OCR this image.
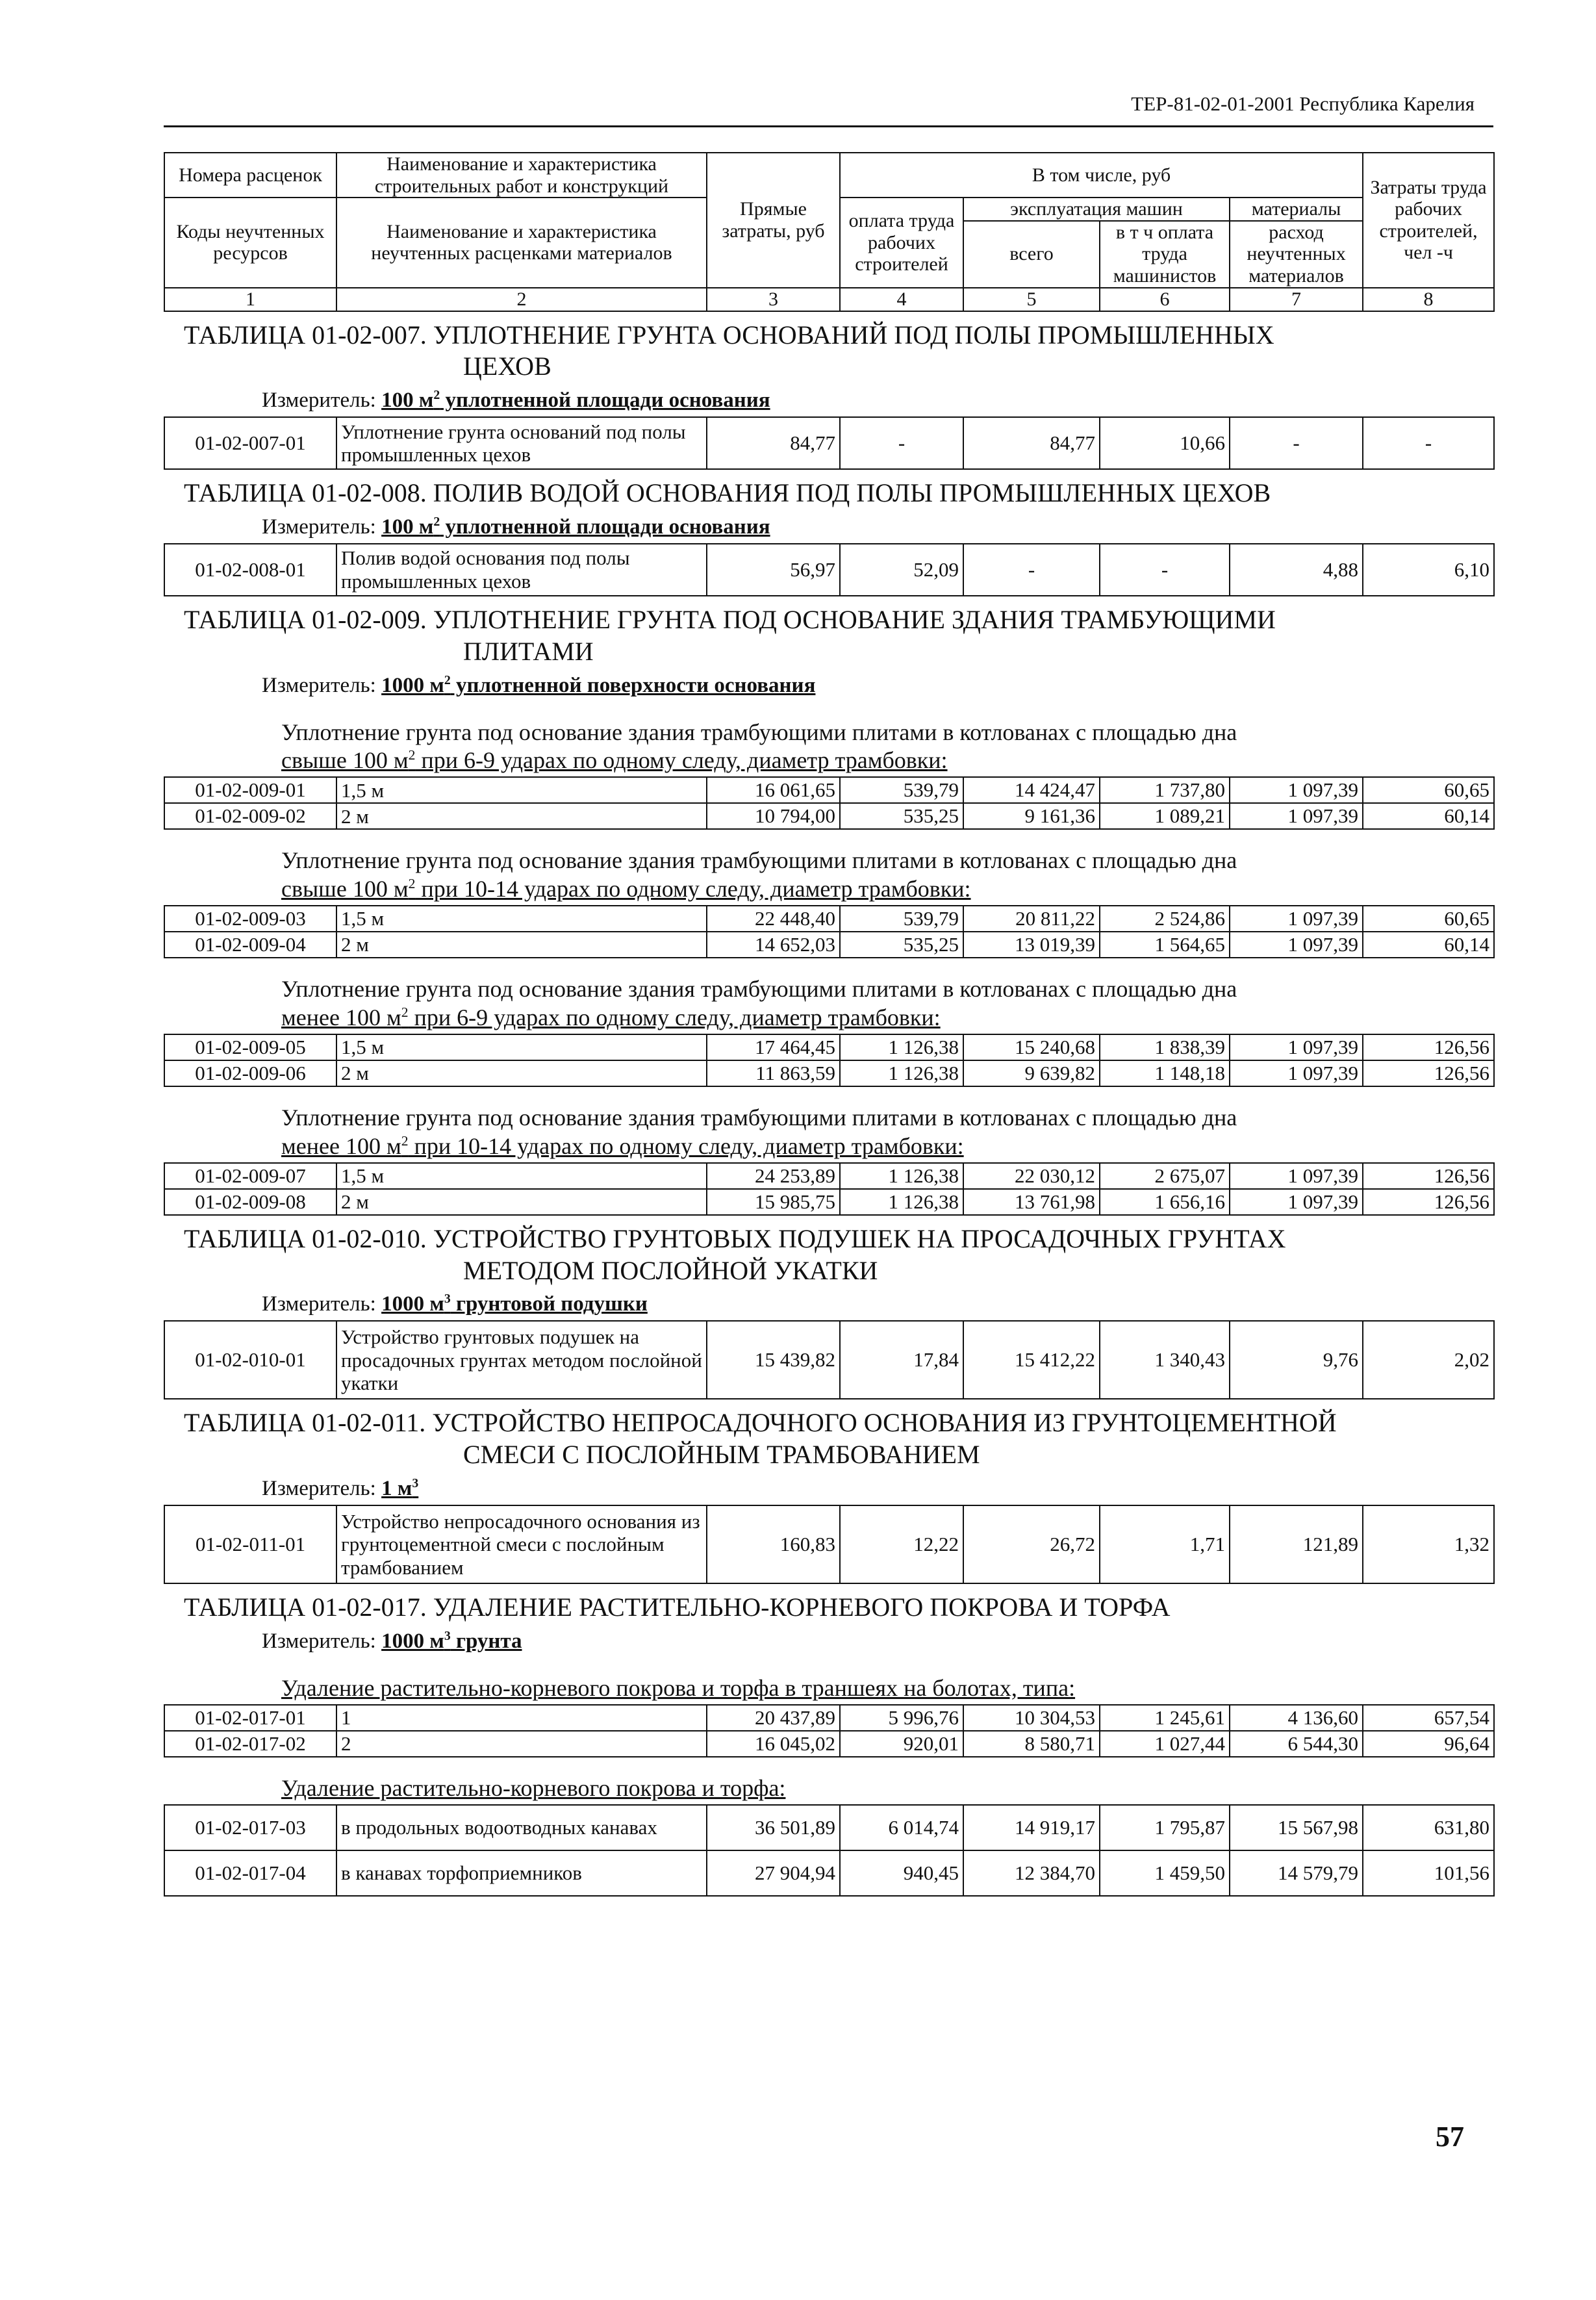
ТЕР-81-02-01-2001 Республика Карелия
Номера расценок	Наименование и характеристика строительных работ и конструкций	Прямые затраты, руб	В том числе, руб				Затраты труда рабочих строителей, чел -ч
Коды неучтенных ресурсов	Наименование и характеристика неучтенных расценками материалов		оплата труда рабочих строителей	эксплуатация машин		материалы	
				всего	в т ч оплата труда машинистов	расход неучтенных материалов	
1	2	3	4	5	6	7	8
ТАБЛИЦА 01-02-007. УПЛОТНЕНИЕ ГРУНТА ОСНОВАНИЙ ПОД ПОЛЫ ПРОМЫШЛЕННЫХ
ЦЕХОВ							

Измеритель: 100 $м^2$ уплотненной площади основания							
01-02-007-01	Уплотнение грунта оснований под полы промышленных цехов	84,77	-	84,77	10,66	-	-
ТАБЛИЦА 01-02-008. ПОЛИВ ВОДОЙ ОСНОВАНИЯ ПОД ПОЛЫ ПРОМЫШЛЕННЫХ ЦЕХОВ							
Измеритель: 100 $м^2$ уплотненной площади основания							
01-02-008-01	Полив водой основания под полы промышленных цехов	56,97	52,09	-	-	4,88	6,10
ТАБЛИЦА 01-02-009. УПЛОТНЕНИЕ ГРУНТА ПОД ОСНОВАНИЕ ЗДАНИЯ ТРАМБУЮЩИМИ
ПЛИТАМИ							

Измеритель: 1000 $м^2$ уплотненной поверхности основания							
Уплотнение грунта под основание здания трамбующими плитами в котлованах с площадью дна
свыше 100 $м^2$ при 6-9 ударах по одному следу, диаметр трамбовки:							
01-02-009-01	1,5 м	16 061,65	539,79	14 424,47	1 737,80	1 097,39	60,65
01-02-009-02	2 м	10 794,00	535,25	9 161,36	1 089,21	1 097,39	60,14
Уплотнение грунта под основание здания трамбующими плитами в котлованах с площадью дна
свыше 100 $м^2$ при 10-14 ударах по одному следу, диаметр трамбовки:							
01-02-009-03	1,5 м	22 448,40	539,79	20 811,22	2 524,86	1 097,39	60,65
01-02-009-04	2 м	14 652,03	535,25	13 019,39	1 564,65	1 097,39	60,14
Уплотнение грунта под основание здания трамбующими плитами в котлованах с площадью дна
менее 100 $м^2$ при 6-9 ударах по одному следу, диаметр трамбовки:							
01-02-009-05	1,5 м	17 464,45	1 126,38	15 240,68	1 838,39	1 097,39	126,56
01-02-009-06	2 м	11 863,59	1 126,38	9 639,82	1 148,18	1 097,39	126,56
Уплотнение грунта под основание здания трамбующими плитами в котлованах с площадью дна
менее 100 $м^2$ при 10-14 ударах по одному следу, диаметр трамбовки:							
01-02-009-07	1,5 м	24 253,89	1 126,38	22 030,12	2 675,07	1 097,39	126,56
01-02-009-08	2 м	15 985,75	1 126,38	13 761,98	1 656,16	1 097,39	126,56
ТАБЛИЦА 01-02-010. УСТРОЙСТВО ГРУНТОВЫХ ПОДУШЕК НА ПРОСАДОЧНЫХ ГРУНТАХ
МЕТОДОМ ПОСЛОЙНОЙ УКАТКИ							

Измеритель: 1000 $м^3$ грунтовой подушки							
01-02-010-01	Устройство грунтовых подушек на просадочных грунтах методом послойной укатки	15 439,82	17,84	15 412,22	1 340,43	9,76	2,02
ТАБЛИЦА 01-02-011. УСТРОЙСТВО НЕПРОСАДОЧНОГО ОСНОВАНИЯ ИЗ ГРУНТОЦЕМЕНТНОЙ
СМЕСИ С ПОСЛОЙНЫМ ТРАМБОВАНИЕМ							

Измеритель: 1 $м^3$
01-02-011-01	Устройство непросадочного основания из грунтоцементной смеси с послойным трамбованием	160,83	12,22	26,72	1,71	121,89	1,32
ТАБЛИЦА 01-02-017. УДАЛЕНИЕ РАСТИТЕЛЬНО-КОРНЕВОГО ПОКРОВА И ТОРФА							
Измеритель: 1000 $м^3$ грунта							
Удаление растительно-корневого покрова и торфа в траншеях на болотах, типа:							
01-02-017-01	1	20 437,89	5 996,76	10 304,53	1 245,61	4 136,60	657,54
01-02-017-02	2	16 045,02	920,01	8 580,71	1 027,44	6 544,30	96,64
Удаление растительно-корневого покрова и торфа:							
01-02-017-03	в продольных водоотводных канавах	36 501,89	6 014,74	14 919,17	1 795,87	15 567,98	631,80
01-02-017-04	в канавах торфоприемников	27 904,94	940,45	12 384,70	1 459,50	14 579,79	101,56
57
